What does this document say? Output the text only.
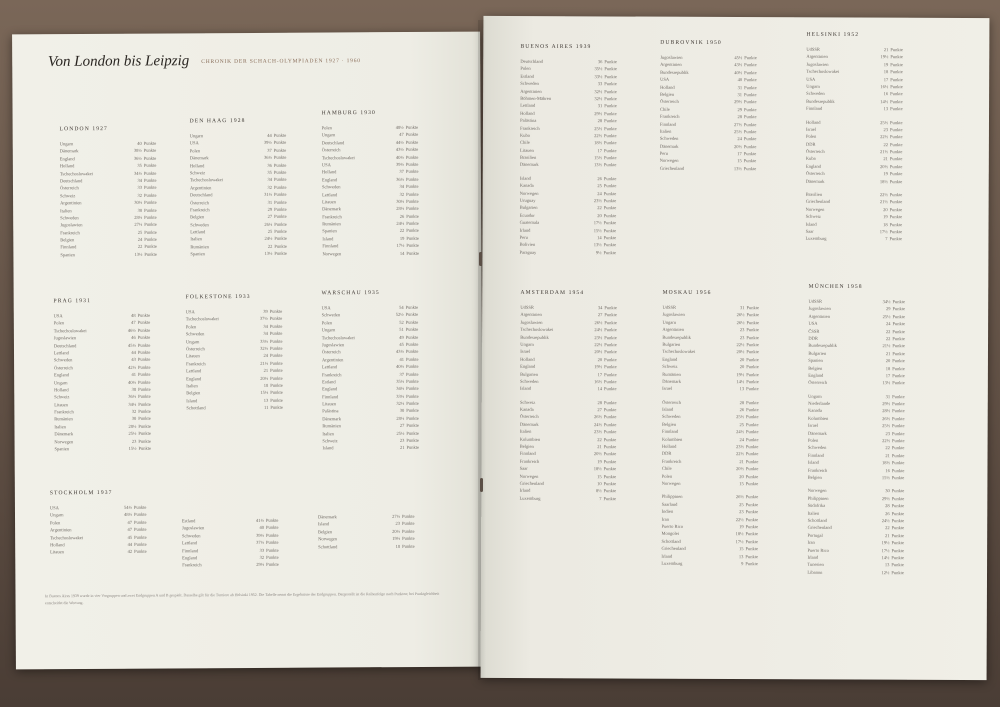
Von London bis Leipzig CHRONIK DER SCHACH-OLYMPIADEN 1927 · 1960
LONDON 1927
Ungarn	40 Punkte
Dänemark	38½ Punkte
England	36½ Punkte
Holland	35 Punkte
Tschechoslowakei	34½ Punkte
Deutschland	34 Punkte
Österreich	33 Punkte
Schweiz	32 Punkte
Argentinien	30½ Punkte
Italien	30 Punkte
Schweden	28½ Punkte
Jugoslawien	27½ Punkte
Frankreich	25 Punkte
Belgien	24 Punkte
Finnland	22 Punkte
Spanien	13½ Punkte
DEN HAAG 1928
Ungarn	44 Punkte
USA	39½ Punkte
Polen	37 Punkte
Dänemark	36½ Punkte
Holland	36 Punkte
Schweiz	35 Punkte
Tschechoslowakei	34 Punkte
Argentinien	32 Punkte
Deutschland	31½ Punkte
Österreich	31 Punkte
Frankreich	29 Punkte
Belgien	27 Punkte
Schweden	26½ Punkte
Lettland	25 Punkte
Italien	24½ Punkte
Rumänien	22 Punkte
Spanien	13½ Punkte
HAMBURG 1930
Polen	48½ Punkte
Ungarn	47 Punkte
Deutschland	44½ Punkte
Österreich	43½ Punkte
Tschechoslowakei	40½ Punkte
USA	39½ Punkte
Holland	37 Punkte
England	36½ Punkte
Schweden	34 Punkte
Lettland	32 Punkte
Litauen	30½ Punkte
Dänemark	28½ Punkte
Frankreich	26 Punkte
Rumänien	24½ Punkte
Spanien	22 Punkte
Island	19 Punkte
Finnland	17½ Punkte
Norwegen	14 Punkte
PRAG 1931
USA	48 Punkte
Polen	47 Punkte
Tschechoslowakei	46½ Punkte
Jugoslawien	46 Punkte
Deutschland	45½ Punkte
Lettland	44 Punkte
Schweden	43 Punkte
Österreich	42½ Punkte
England	41 Punkte
Ungarn	40½ Punkte
Holland	38 Punkte
Schweiz	36½ Punkte
Litauen	34½ Punkte
Frankreich	32 Punkte
Rumänien	30 Punkte
Italien	28½ Punkte
Dänemark	25½ Punkte
Norwegen	23 Punkte
Spanien	15½ Punkte
FOLKESTONE 1933
USA	39 Punkte
Tschechoslowakei	37½ Punkte
Polen	34 Punkte
Schweden	34 Punkte
Ungarn	33½ Punkte
Österreich	32½ Punkte
Litauen	24 Punkte
Frankreich	21½ Punkte
Lettland	21 Punkte
England	20½ Punkte
Italien	18 Punkte
Belgien	15½ Punkte
Island	13 Punkte
Schottland	11 Punkte
WARSCHAU 1935
USA	54 Punkte
Schweden	52½ Punkte
Polen	52 Punkte
Ungarn	51 Punkte
Tschechoslowakei	49 Punkte
Jugoslawien	45 Punkte
Österreich	43½ Punkte
Argentinien	41 Punkte
Lettland	40½ Punkte
Frankreich	37 Punkte
Estland	35½ Punkte
England	34½ Punkte
Finnland	33½ Punkte
Litauen	32½ Punkte
Palästina	30 Punkte
Dänemark	28½ Punkte
Rumänien	27 Punkte
Italien	25½ Punkte
Schweiz	23 Punkte
Island	21 Punkte
STOCKHOLM 1937
USA	54½ Punkte
Ungarn	48½ Punkte
Polen	47 Punkte
Argentinien	47 Punkte
Tschechoslowakei	45 Punkte
Holland	44 Punkte
Litauen	42 Punkte
Estland	41½ Punkte
Jugoslawien	40 Punkte
Schweden	39½ Punkte
Lettland	37½ Punkte
Finnland	33 Punkte
England	32 Punkte
Frankreich	29½ Punkte
Dänemark	27½ Punkte
Island	23 Punkte
Belgien	20½ Punkte
Norwegen	19½ Punkte
Schottland	18 Punkte
BUENOS AIRES 1939
Deutschland	36 Punkte
Polen	35½ Punkte
Estland	33½ Punkte
Schweden	33 Punkte
Argentinien	32½ Punkte
Böhmen-Mähren	32½ Punkte
Lettland	31 Punkte
Holland	29½ Punkte
Palästina	28 Punkte
Frankreich	25½ Punkte
Kuba	22½ Punkte
Chile	18½ Punkte
Litauen	17 Punkte
Brasilien	15½ Punkte
Dänemark	13½ Punkte
Island	26 Punkte
Kanada	25 Punkte
Norwegen	24 Punkte
Uruguay	23½ Punkte
Bulgarien	22 Punkte
Ecuador	20 Punkte
Guatemala	17½ Punkte
Irland	15½ Punkte
Peru	14 Punkte
Bolivien	13½ Punkte
Paraguay	9½ Punkte
DUBROVNIK 1950
Jugoslawien	45½ Punkte
Argentinien	43½ Punkte
Bundesrepublik	40½ Punkte
USA	40 Punkte
Holland	31 Punkte
Belgien	31 Punkte
Österreich	29½ Punkte
Chile	29 Punkte
Frankreich	28 Punkte
Finnland	27½ Punkte
Italien	25½ Punkte
Schweden	24 Punkte
Dänemark	20½ Punkte
Peru	17 Punkte
Norwegen	15 Punkte
Griechenland	13½ Punkte
HELSINKI 1952
UdSSR	21 Punkte
Argentinien	19½ Punkte
Jugoslawien	19 Punkte
Tschechoslowakei	18 Punkte
USA	17 Punkte
Ungarn	16½ Punkte
Schweden	16 Punkte
Bundesrepublik	14½ Punkte
Finnland	13 Punkte
Holland	25½ Punkte
Israel	23 Punkte
Polen	22½ Punkte
DDR	22 Punkte
Österreich	21½ Punkte
Kuba	21 Punkte
England	20½ Punkte
Österreich	19 Punkte
Dänemark	18½ Punkte
Brasilien	22½ Punkte
Griechenland	21½ Punkte
Norwegen	20 Punkte
Schweiz	19 Punkte
Island	18 Punkte
Saar	17½ Punkte
Luxemburg	7 Punkte
AMSTERDAM 1954
UdSSR	34 Punkte
Argentinien	27 Punkte
Jugoslawien	26½ Punkte
Tschechoslowakei	24½ Punkte
Bundesrepublik	23½ Punkte
Ungarn	22½ Punkte
Israel	20½ Punkte
Holland	20 Punkte
England	19½ Punkte
Bulgarien	17 Punkte
Schweden	16½ Punkte
Island	14 Punkte
Schweiz	28 Punkte
Kanada	27 Punkte
Österreich	26½ Punkte
Dänemark	24½ Punkte
Italien	23½ Punkte
Kolumbien	22 Punkte
Belgien	21 Punkte
Finnland	20½ Punkte
Frankreich	19 Punkte
Saar	18½ Punkte
Norwegen	15 Punkte
Griechenland	10 Punkte
Irland	8½ Punkte
Luxemburg	7 Punkte
MOSKAU 1956
UdSSR	31 Punkte
Jugoslawien	26½ Punkte
Ungarn	26½ Punkte
Argentinien	23 Punkte
Bundesrepublik	23 Punkte
Bulgarien	22½ Punkte
Tschechoslowakei	20½ Punkte
England	20 Punkte
Schweiz	20 Punkte
Rumänien	19½ Punkte
Dänemark	14½ Punkte
Israel	13 Punkte
Österreich	28 Punkte
Island	26 Punkte
Schweden	25½ Punkte
Belgien	25 Punkte
Finnland	24½ Punkte
Kolumbien	24 Punkte
Holland	23½ Punkte
DDR	22½ Punkte
Frankreich	21 Punkte
Chile	20½ Punkte
Polen	20 Punkte
Norwegen	15 Punkte
Philippinen	26½ Punkte
Saarland	25 Punkte
Indien	23 Punkte
Iran	22½ Punkte
Puerto Rico	19 Punkte
Mongolei	18½ Punkte
Schottland	17½ Punkte
Griechenland	15 Punkte
Irland	13 Punkte
Luxemburg	9 Punkte
MÜNCHEN 1958
UdSSR	34½ Punkte
Jugoslawien	29 Punkte
Argentinien	25½ Punkte
USA	24 Punkte
ČSSR	22 Punkte
DDR	22 Punkte
Bundesrepublik	21½ Punkte
Bulgarien	21 Punkte
Spanien	20 Punkte
Belgien	18 Punkte
England	17 Punkte
Österreich	13½ Punkte
Ungarn	31 Punkte
Niederlande	29½ Punkte
Kanada	28½ Punkte
Kolumbien	26½ Punkte
Israel	25½ Punkte
Dänemark	23 Punkte
Polen	22½ Punkte
Schweden	22 Punkte
Finnland	21 Punkte
Island	18½ Punkte
Frankreich	16 Punkte
Belgien	15½ Punkte
Norwegen	30 Punkte
Philippinen	29½ Punkte
Südafrika	28 Punkte
Italien	26 Punkte
Schottland	24½ Punkte
Griechenland	22 Punkte
Portugal	21 Punkte
Iran	19½ Punkte
Puerto Rico	17½ Punkte
Irland	14½ Punkte
Tunesien	13 Punkte
Libanon	12½ Punkte
In Buenos Aires 1939 wurde in vier Vorgruppen und zwei Endgruppen A und B gespielt. Dasselbe gilt für die Turniere ab Helsinki 1952. Die Tabelle nennt die Ergebnisse der Endgruppen. Dargestellt ist die Reihenfolge nach Punkten; bei Punktgleichheit entscheidet die Wertung.
